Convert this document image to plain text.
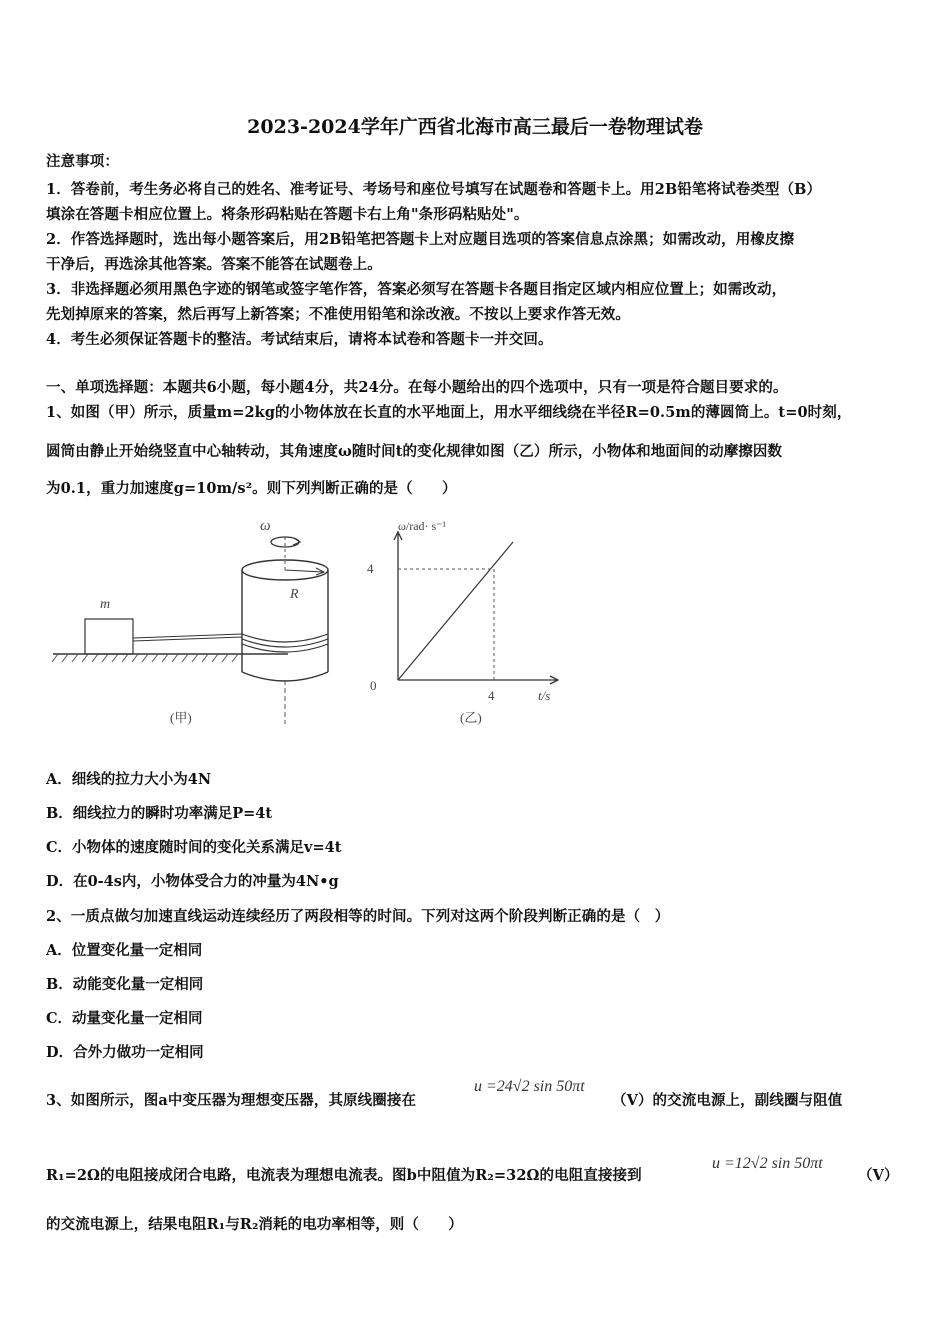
2023-2024学年广西省北海市高三最后一卷物理试卷
注意事项：
1．答卷前，考生务必将自己的姓名、准考证号、考场号和座位号填写在试题卷和答题卡上。用2B铅笔将试卷类型（B）
填涂在答题卡相应位置上。将条形码粘贴在答题卡右上角"条形码粘贴处"。
2．作答选择题时，选出每小题答案后，用2B铅笔把答题卡上对应题目选项的答案信息点涂黑；如需改动，用橡皮擦
干净后，再选涂其他答案。答案不能答在试题卷上。
3．非选择题必须用黑色字迹的钢笔或签字笔作答，答案必须写在答题卡各题目指定区域内相应位置上；如需改动，
先划掉原来的答案，然后再写上新答案；不准使用铅笔和涂改液。不按以上要求作答无效。
4．考生必须保证答题卡的整洁。考试结束后，请将本试卷和答题卡一并交回。
一、单项选择题：本题共6小题，每小题4分，共24分。在每小题给出的四个选项中，只有一项是符合题目要求的。
1、如图（甲）所示，质量m=2kg的小物体放在长直的水平地面上，用水平细线绕在半径R=0.5m的薄圆筒上。t=0时刻，
圆筒由静止开始绕竖直中心轴转动，其角速度ω随时间t的变化规律如图（乙）所示，小物体和地面间的动摩擦因数
为0.1，重力加速度g=10m/s²。则下列判断正确的是（　　）
m
ω
R
(甲)
ω/rad· s⁻¹
4
4
0
t/s
(乙)
A．细线的拉力大小为4N
B．细线拉力的瞬时功率满足P=4t
C．小物体的速度随时间的变化关系满足v=4t
D．在0-4s内，小物体受合力的冲量为4N•g
2、一质点做匀加速直线运动连续经历了两段相等的时间。下列对这两个阶段判断正确的是（　）
A．位置变化量一定相同
B．动能变化量一定相同
C．动量变化量一定相同
D．合外力做功一定相同
3、如图所示，图a中变压器为理想变压器，其原线圈接在
u =24√2 sin 50πt
（V）的交流电源上，副线圈与阻值
R₁=2Ω的电阻接成闭合电路，电流表为理想电流表。图b中阻值为R₂=32Ω的电阻直接接到
u =12√2 sin 50πt
（V）
的交流电源上，结果电阻R₁与R₂消耗的电功率相等，则（　　）
